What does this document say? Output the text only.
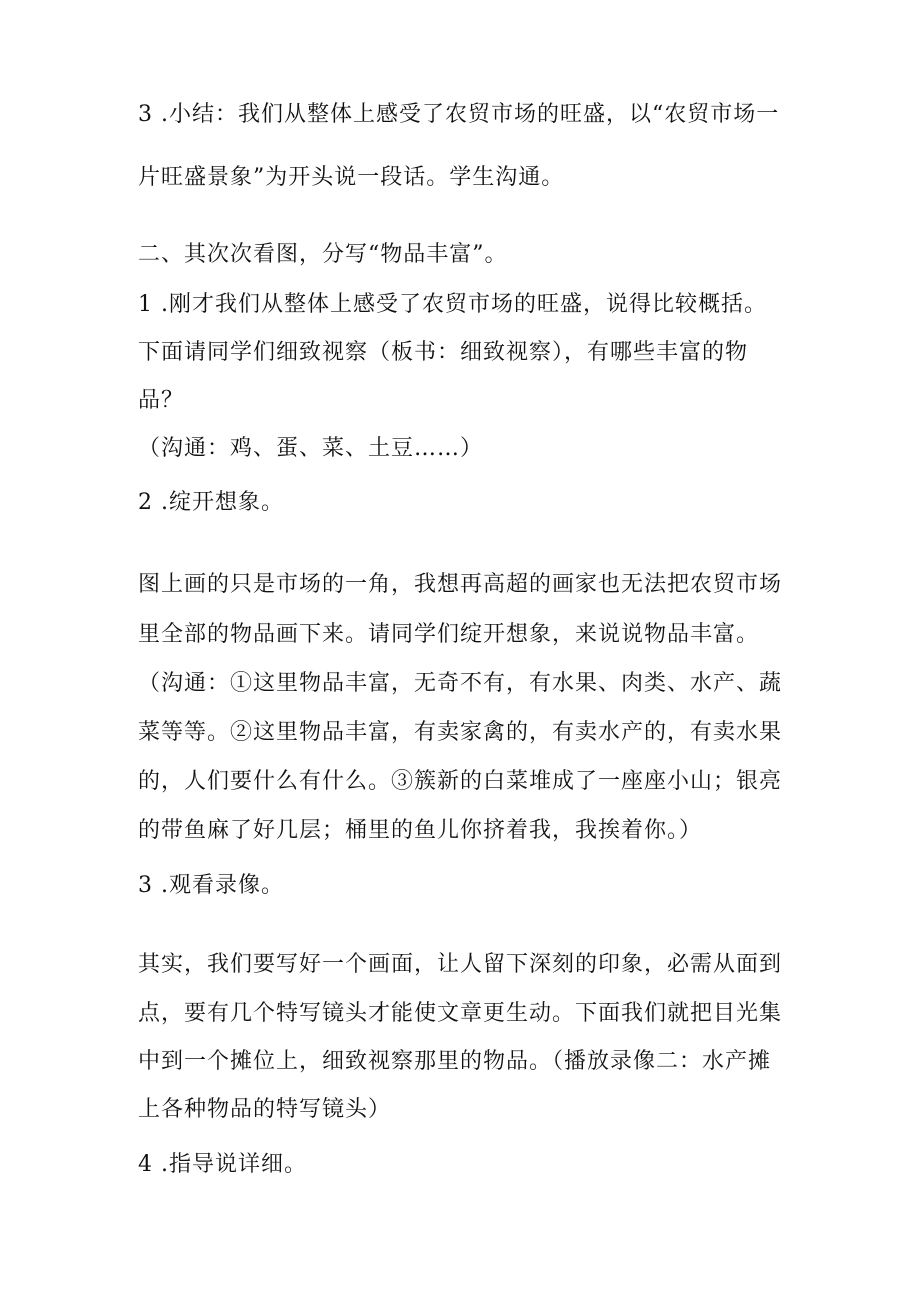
3 .小结：我们从整体上感受了农贸市场的旺盛，以“农贸市场一

片旺盛景象”为开头说一段话。学生沟通。

二、其次次看图，分写“物品丰富”。

1 .刚才我们从整体上感受了农贸市场的旺盛，说得比较概括。

下面请同学们细致视察（板书：细致视察），有哪些丰富的物

品？

（沟通：鸡、蛋、菜、土豆……）

2 .绽开想象。

图上画的只是市场的一角，我想再高超的画家也无法把农贸市场

里全部的物品画下来。请同学们绽开想象，来说说物品丰富。

（沟通：①这里物品丰富，无奇不有，有水果、肉类、水产、蔬

菜等等。②这里物品丰富，有卖家禽的，有卖水产的，有卖水果

的，人们要什么有什么。③簇新的白菜堆成了一座座小山；银亮

的带鱼麻了好几层；桶里的鱼儿你挤着我，我挨着你。）

3 .观看录像。

其实，我们要写好一个画面，让人留下深刻的印象，必需从面到

点，要有几个特写镜头才能使文章更生动。下面我们就把目光集

中到一个摊位上，细致视察那里的物品。（播放录像二：水产摊

上各种物品的特写镜头）

4 .指导说详细。
